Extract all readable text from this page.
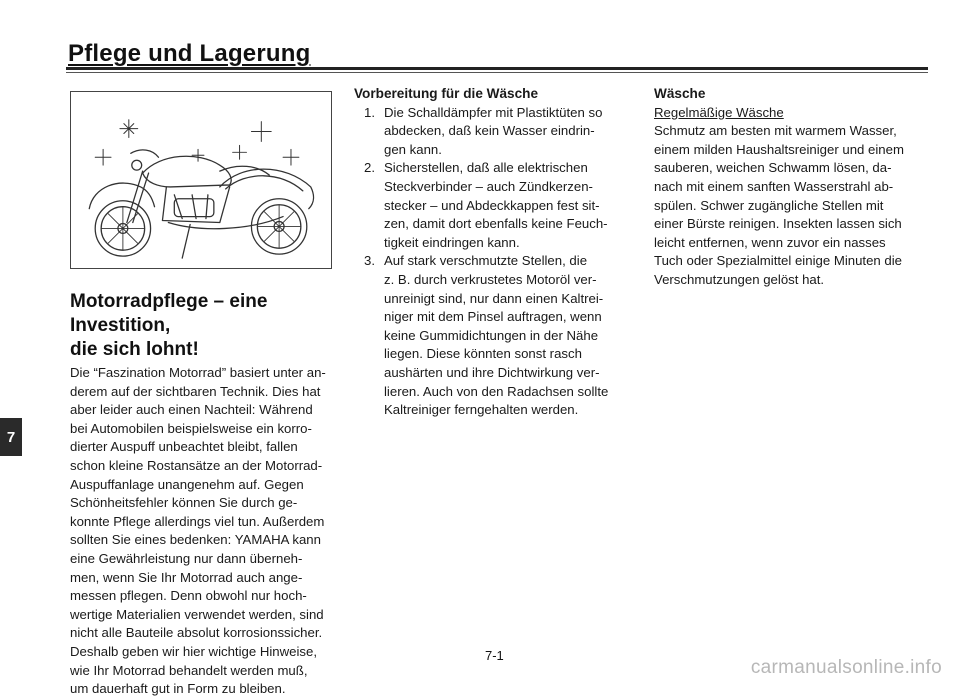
Pflege und Lagerung
7
Motorradpflege – eine Investition,
die sich lohnt!

Die “Faszination Motorrad” basiert unter an-
derem auf der sichtbaren Technik. Dies hat
aber leider auch einen Nachteil: Während
bei Automobilen beispielsweise ein korro-
dierter Auspuff unbeachtet bleibt, fallen
schon kleine Rostansätze an der Motorrad-
Auspuffanlage unangenehm auf. Gegen
Schönheitsfehler können Sie durch ge-
konnte Pflege allerdings viel tun. Außerdem
sollten Sie eines bedenken: YAMAHA kann
eine Gewährleistung nur dann überneh-
men, wenn Sie Ihr Motorrad auch ange-
messen pflegen. Denn obwohl nur hoch-
wertige Materialien verwendet werden, sind
nicht alle Bauteile absolut korrosionssicher.
Deshalb geben wir hier wichtige Hinweise,
wie Ihr Motorrad behandelt werden muß,
um dauerhaft gut in Form zu bleiben.

Vorbereitung für die Wäsche

1. Die Schalldämpfer mit Plastiktüten so
abdecken, daß kein Wasser eindrin-
gen kann.
2. Sicherstellen, daß alle elektrischen
Steckverbinder – auch Zündkerzen-
stecker – und Abdeckkappen fest sit-
zen, damit dort ebenfalls keine Feuch-
tigkeit eindringen kann.
3. Auf stark verschmutzte Stellen, die
z. B. durch verkrustetes Motoröl ver-
unreinigt sind, nur dann einen Kaltrei-
niger mit dem Pinsel auftragen, wenn
keine Gummidichtungen in der Nähe
liegen. Diese könnten sonst rasch
aushärten und ihre Dichtwirkung ver-
lieren. Auch von den Radachsen sollte
Kaltreiniger ferngehalten werden.

Wäsche

Regelmäßige Wäsche

Schmutz am besten mit warmem Wasser,
einem milden Haushaltsreiniger und einem
sauberen, weichen Schwamm lösen, da-
nach mit einem sanften Wasserstrahl ab-
spülen. Schwer zugängliche Stellen mit
einer Bürste reinigen. Insekten lassen sich
leicht entfernen, wenn zuvor ein nasses
Tuch oder Spezialmittel einige Minuten die
Verschmutzungen gelöst hat.

7-1
carmanualsonline.info
